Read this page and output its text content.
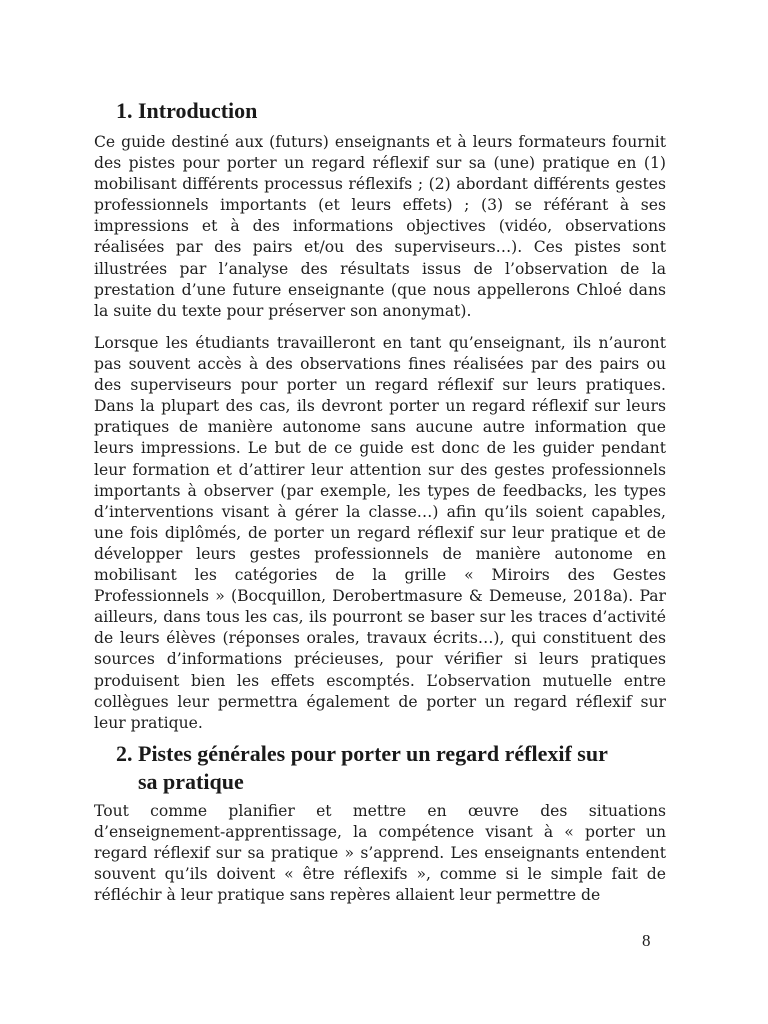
1. Introduction

Ce guide destiné aux (futurs) enseignants et à leurs formateurs fournit des pistes pour porter un regard réflexif sur sa (une) pratique en (1) mobilisant différents processus réflexifs ; (2) abordant différents gestes professionnels importants (et leurs effets) ; (3) se référant à ses impressions et à des informations objectives (vidéo, observations réalisées par des pairs et/ou des superviseurs…). Ces pistes sont illustrées par l’analyse des résultats issus de l’observation de la prestation d’une future enseignante (que nous appellerons Chloé dans la suite du texte pour préserver son anonymat).

Lorsque les étudiants travailleront en tant qu’enseignant, ils n’auront pas souvent accès à des observations fines réalisées par des pairs ou des superviseurs pour porter un regard réflexif sur leurs pratiques. Dans la plupart des cas, ils devront porter un regard réflexif sur leurs pratiques de manière autonome sans aucune autre information que leurs impressions. Le but de ce guide est donc de les guider pendant leur formation et d’attirer leur attention sur des gestes professionnels importants à observer (par exemple, les types de feedbacks, les types d’interventions visant à gérer la classe…) afin qu’ils soient capables, une fois diplômés, de porter un regard réflexif sur leur pratique et de développer leurs gestes professionnels de manière autonome en mobilisant les catégories de la grille « Miroirs des Gestes Professionnels » (Bocquillon, Derobertmasure & Demeuse, 2018a). Par ailleurs, dans tous les cas, ils pourront se baser sur les traces d’activité de leurs élèves (réponses orales, travaux écrits…), qui constituent des sources d’informations précieuses, pour vérifier si leurs pratiques produisent bien les effets escomptés. L’observation mutuelle entre collègues leur permettra également de porter un regard réflexif sur leur pratique.

2. Pistes générales pour porter un regard réflexif sur
sa pratique

Tout comme planifier et mettre en œuvre des situations d’enseignement-apprentissage, la compétence visant à « porter un regard réflexif sur sa pratique » s’apprend. Les enseignants entendent souvent qu’ils doivent « être réflexifs », comme si le simple fait de réfléchir à leur pratique sans repères allaient leur permettre de

8
